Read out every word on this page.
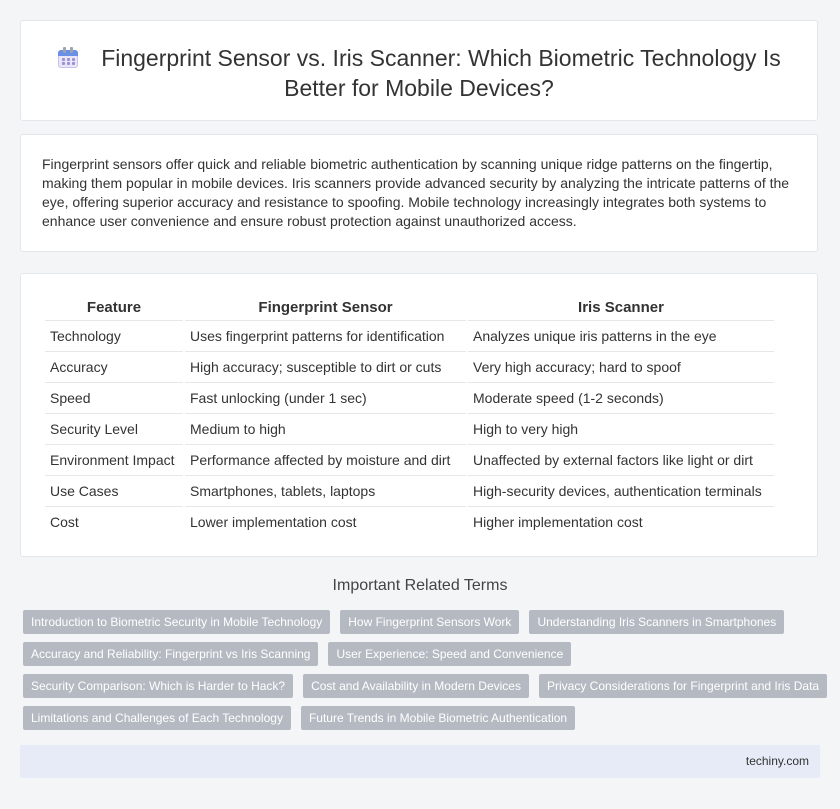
Fingerprint Sensor vs. Iris Scanner: Which Biometric Technology Is Better for Mobile Devices?
Fingerprint sensors offer quick and reliable biometric authentication by scanning unique ridge patterns on the fingertip, making them popular in mobile devices. Iris scanners provide advanced security by analyzing the intricate patterns of the eye, offering superior accuracy and resistance to spoofing. Mobile technology increasingly integrates both systems to enhance user convenience and ensure robust protection against unauthorized access.
Feature	Fingerprint Sensor	Iris Scanner
Technology	Uses fingerprint patterns for identification	Analyzes unique iris patterns in the eye
Accuracy	High accuracy; susceptible to dirt or cuts	Very high accuracy; hard to spoof
Speed	Fast unlocking (under 1 sec)	Moderate speed (1-2 seconds)
Security Level	Medium to high	High to very high
Environment Impact	Performance affected by moisture and dirt	Unaffected by external factors like light or dirt
Use Cases	Smartphones, tablets, laptops	High-security devices, authentication terminals
Cost	Lower implementation cost	Higher implementation cost
Important Related Terms
Introduction to Biometric Security in Mobile Technology How Fingerprint Sensors Work Understanding Iris Scanners in Smartphones
Accuracy and Reliability: Fingerprint vs Iris Scanning User Experience: Speed and Convenience
Security Comparison: Which is Harder to Hack? Cost and Availability in Modern Devices Privacy Considerations for Fingerprint and Iris Data
Limitations and Challenges of Each Technology Future Trends in Mobile Biometric Authentication
techiny.com
